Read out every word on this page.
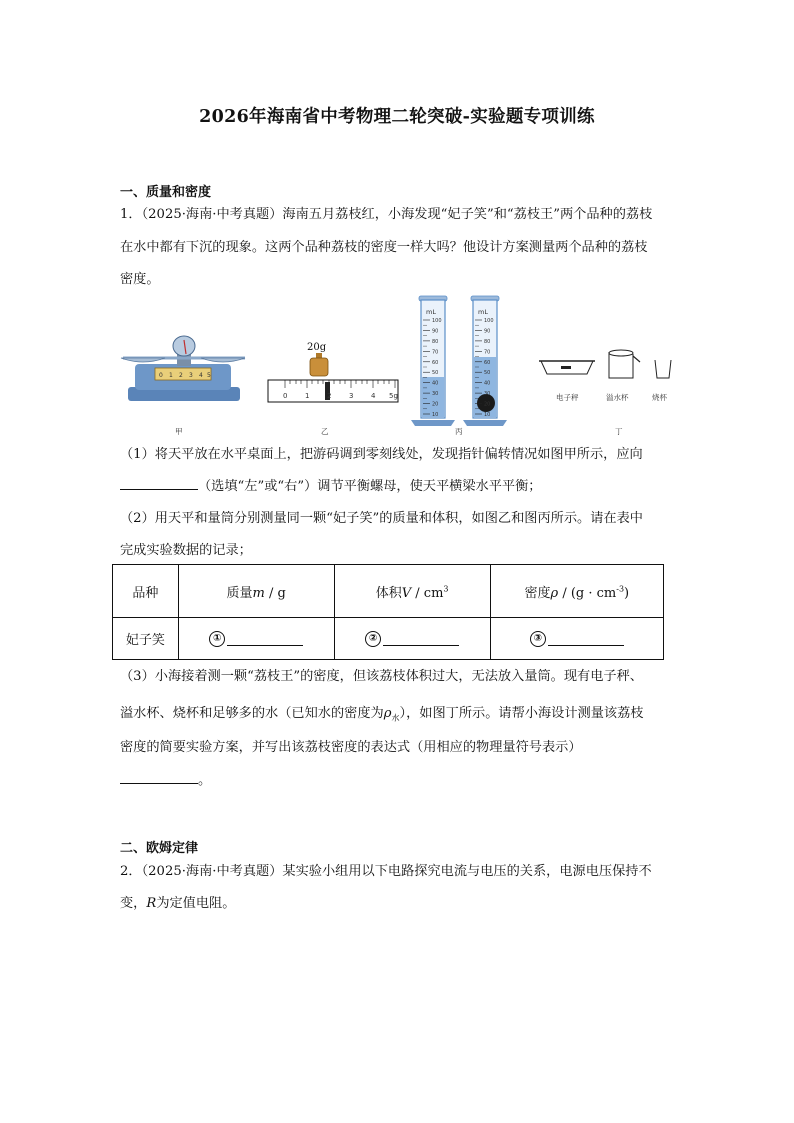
2026年海南省中考物理二轮突破-实验题专项训练
一、质量和密度
1．（2025·海南·中考真题）海南五月荔枝红，小海发现“妃子笑”和“荔枝王”两个品种的荔枝
在水中都有下沉的现象。这两个品种荔枝的密度一样大吗？他设计方案测量两个品种的荔枝
密度。
0 1 2 3 4 5
甲
20g
0	1	2	3	4 5g
乙
mL
100
90
80
70
60
50
40
30
20
10
mL
100
90
80
70
60
50
40
30
20
10
丙
电子秤	溢水杯	烧杯
丁
（1）将天平放在水平桌面上，把游码调到零刻线处，发现指针偏转情况如图甲所示，应向
（选填“左”或“右”）调节平衡螺母，使天平横梁水平平衡；
（2）用天平和量筒分别测量同一颗“妃子笑”的质量和体积，如图乙和图丙所示。请在表中
完成实验数据的记录；
品种	质量m / g	体积V / $cm^3$	密度$\rho / (g \cdot cm^{-3})$
妃子笑	①	②	③
（3）小海接着测一颗“荔枝王”的密度，但该荔枝体积过大，无法放入量筒。现有电子秤、
溢水杯、烧杯和足够多的水（已知水的密度为$\rho_水$），如图丁所示。请帮小海设计测量该荔枝
密度的简要实验方案，并写出该荔枝密度的表达式（用相应的物理量符号表示）
。
二、欧姆定律
2．（2025·海南·中考真题）某实验小组用以下电路探究电流与电压的关系，电源电压保持不
变，R为定值电阻。
